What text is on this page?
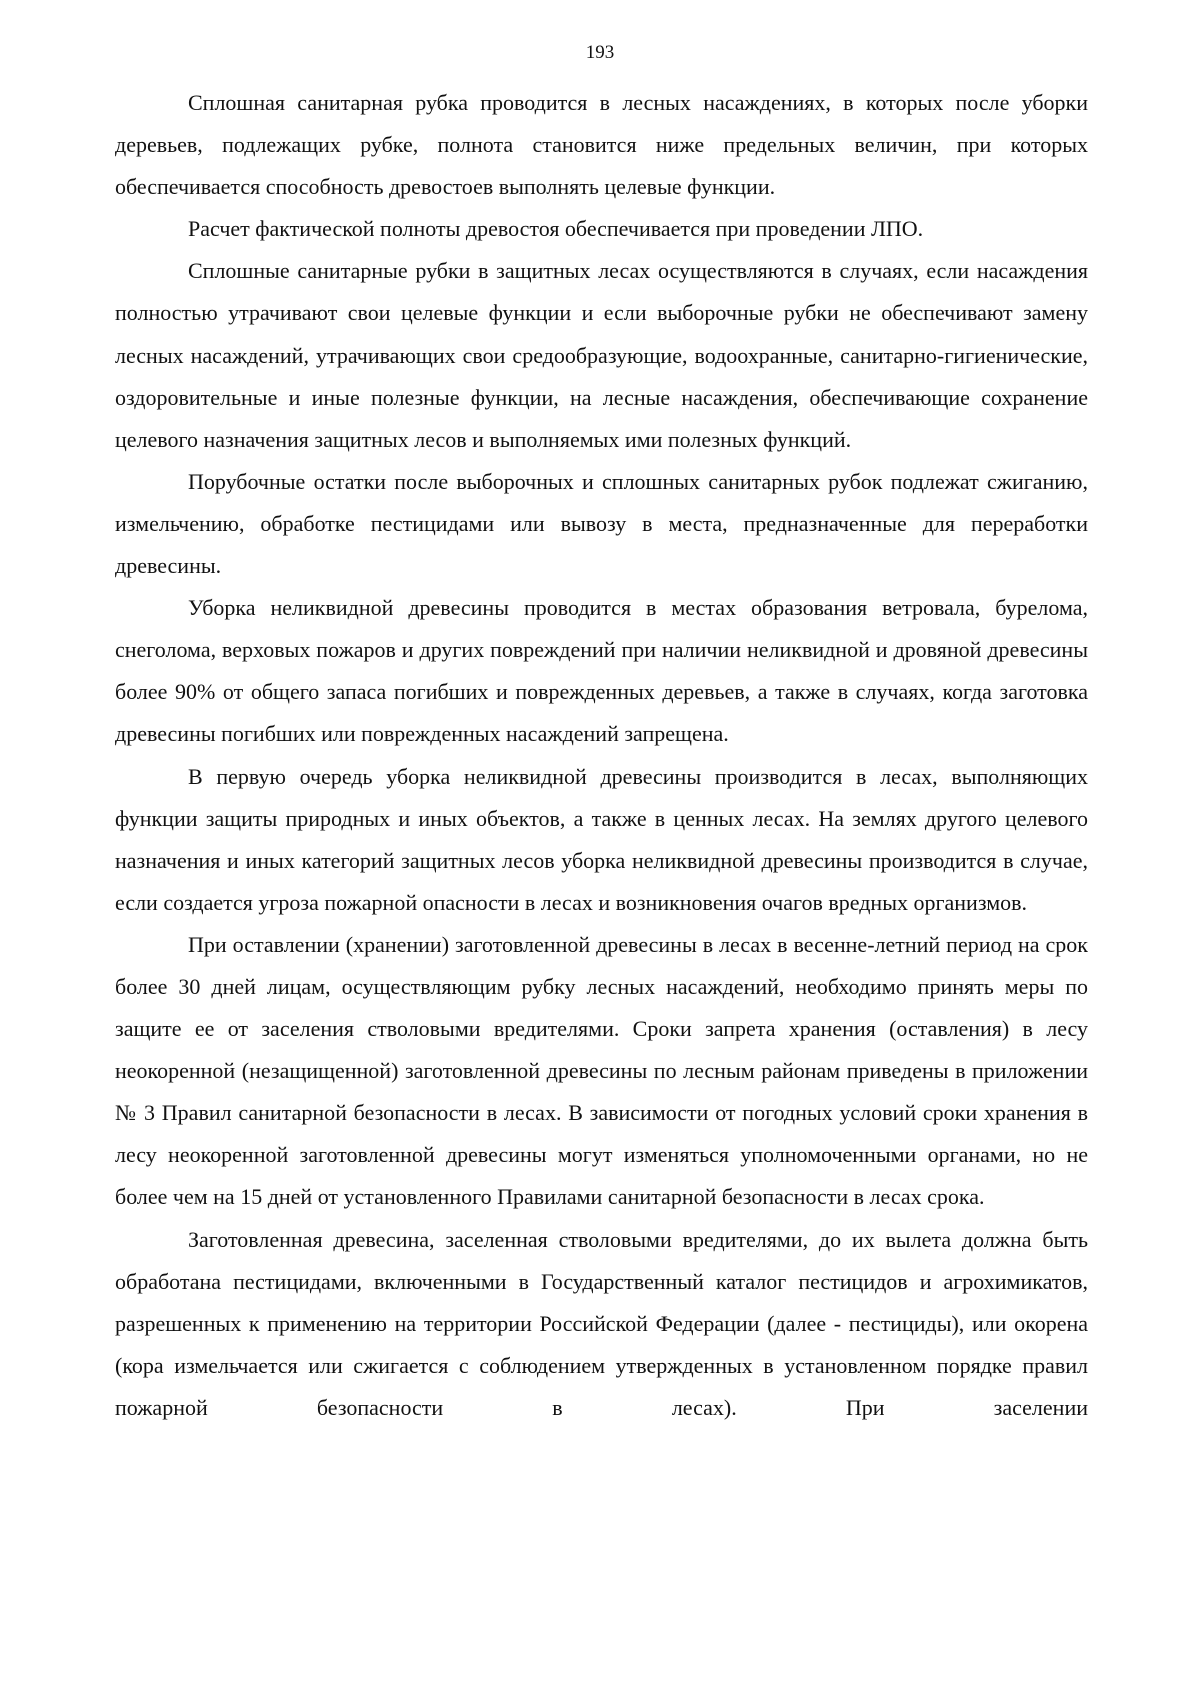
193

Сплошная санитарная рубка проводится в лесных насаждениях, в которых после уборки деревьев, подлежащих рубке, полнота становится ниже предельных величин, при которых обеспечивается способность древостоев выполнять целевые функции.

Расчет фактической полноты древостоя обеспечивается при проведении ЛПО.

Сплошные санитарные рубки в защитных лесах осуществляются в случаях, если насаждения полностью утрачивают свои целевые функции и если выборочные рубки не обеспечивают замену лесных насаждений, утрачивающих свои средообразующие, водоохранные, санитарно-гигиенические, оздоровительные и иные полезные функции, на лесные насаждения, обеспечивающие сохранение целевого назначения защитных лесов и выполняемых ими полезных функций.

Порубочные остатки после выборочных и сплошных санитарных рубок подлежат сжиганию, измельчению, обработке пестицидами или вывозу в места, предназначенные для переработки древесины.

Уборка неликвидной древесины проводится в местах образования ветровала, бурелома, снеголома, верховых пожаров и других повреждений при наличии неликвидной и дровяной древесины более 90% от общего запаса погибших и поврежденных деревьев, а также в случаях, когда заготовка древесины погибших или поврежденных насаждений запрещена.

В первую очередь уборка неликвидной древесины производится в лесах, выполняющих функции защиты природных и иных объектов, а также в ценных лесах. На землях другого целевого назначения и иных категорий защитных лесов уборка неликвидной древесины производится в случае, если создается угроза пожарной опасности в лесах и возникновения очагов вредных организмов.

При оставлении (хранении) заготовленной древесины в лесах в весенне-летний период на срок более 30 дней лицам, осуществляющим рубку лесных насаждений, необходимо принять меры по защите ее от заселения стволовыми вредителями. Сроки запрета хранения (оставления) в лесу неокоренной (незащищенной) заготовленной древесины по лесным районам приведены в приложении № 3 Правил санитарной безопасности в лесах. В зависимости от погодных условий сроки хранения в лесу неокоренной заготовленной древесины могут изменяться уполномоченными органами, но не более чем на 15 дней от установленного Правилами санитарной безопасности в лесах срока.

Заготовленная древесина, заселенная стволовыми вредителями, до их вылета должна быть обработана пестицидами, включенными в Государственный каталог пестицидов и агрохимикатов, разрешенных к применению на территории Российской Федерации (далее - пестициды), или окорена (кора измельчается или сжигается с соблюдением утвержденных в установленном порядке правил пожарной безопасности в лесах). При заселении
